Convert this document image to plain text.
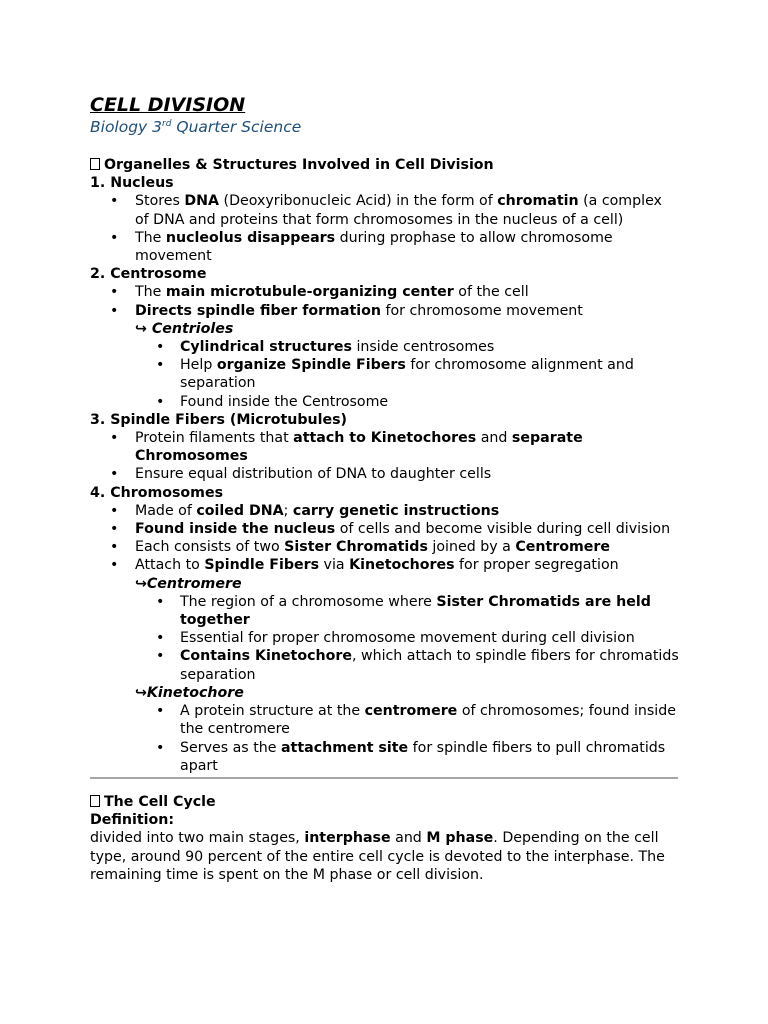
CELL DIVISION
Biology 3rd Quarter Science

Organelles & Structures Involved in Cell Division

1. Nucleus

• Stores DNA (Deoxyribonucleic Acid) in the form of chromatin (a complex of DNA and proteins that form chromosomes in the nucleus of a cell)
• The nucleolus disappears during prophase to allow chromosome movement

2. Centrosome

• The main microtubule-organizing center of the cell
• Directs spindle fiber formation for chromosome movement

↪ Centrioles

• Cylindrical structures inside centrosomes
• Help organize Spindle Fibers for chromosome alignment and separation
• Found inside the Centrosome

3. Spindle Fibers (Microtubules)

• Protein filaments that attach to Kinetochores and separate Chromosomes
• Ensure equal distribution of DNA to daughter cells

4. Chromosomes

• Made of coiled DNA; carry genetic instructions
• Found inside the nucleus of cells and become visible during cell division
• Each consists of two Sister Chromatids joined by a Centromere
• Attach to Spindle Fibers via Kinetochores for proper segregation

↪Centromere

• The region of a chromosome where Sister Chromatids are held together
• Essential for proper chromosome movement during cell division
• Contains Kinetochore, which attach to spindle fibers for chromatids separation

↪Kinetochore

• A protein structure at the centromere of chromosomes; found inside the centromere
• Serves as the attachment site for spindle fibers to pull chromatids apart

The Cell Cycle

Definition:

divided into two main stages, interphase and M phase. Depending on the cell type, around 90 percent of the entire cell cycle is devoted to the interphase. The remaining time is spent on the M phase or cell division.
